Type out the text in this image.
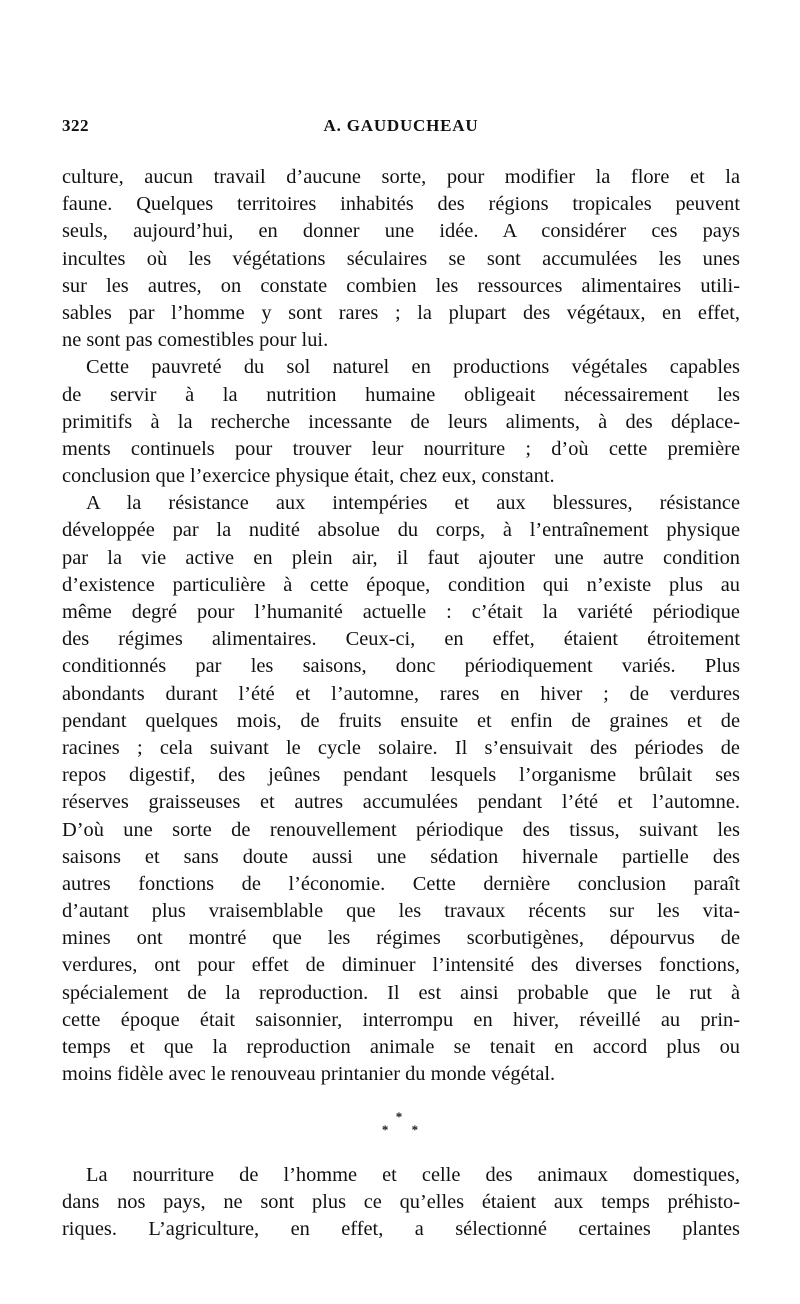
322	A. GAUDUCHEAU
culture, aucun travail d’aucune sorte, pour modifier la flore et la
faune. Quelques territoires inhabités des régions tropicales peuvent
seuls, aujourd’hui, en donner une idée. A considérer ces pays
incultes où les végétations séculaires se sont accumulées les unes
sur les autres, on constate combien les ressources alimentaires utili-
sables par l’homme y sont rares ; la plupart des végétaux, en effet,
ne sont pas comestibles pour lui.
Cette pauvreté du sol naturel en productions végétales capables
de servir à la nutrition humaine obligeait nécessairement les
primitifs à la recherche incessante de leurs aliments, à des déplace-
ments continuels pour trouver leur nourriture ; d’où cette première
conclusion que l’exercice physique était, chez eux, constant.
A la résistance aux intempéries et aux blessures, résistance
développée par la nudité absolue du corps, à l’entraînement physique
par la vie active en plein air, il faut ajouter une autre condition
d’existence particulière à cette époque, condition qui n’existe plus au
même degré pour l’humanité actuelle : c’était la variété périodique
des régimes alimentaires. Ceux-ci, en effet, étaient étroitement
conditionnés par les saisons, donc périodiquement variés. Plus
abondants durant l’été et l’automne, rares en hiver ; de verdures
pendant quelques mois, de fruits ensuite et enfin de graines et de
racines ; cela suivant le cycle solaire. Il s’ensuivait des périodes de
repos digestif, des jeûnes pendant lesquels l’organisme brûlait ses
réserves graisseuses et autres accumulées pendant l’été et l’automne.
D’où une sorte de renouvellement périodique des tissus, suivant les
saisons et sans doute aussi une sédation hivernale partielle des
autres fonctions de l’économie. Cette dernière conclusion paraît
d’autant plus vraisemblable que les travaux récents sur les vita-
mines ont montré que les régimes scorbutigènes, dépourvus de
verdures, ont pour effet de diminuer l’intensité des diverses fonctions,
spécialement de la reproduction. Il est ainsi probable que le rut à
cette époque était saisonnier, interrompu en hiver, réveillé au prin-
temps et que la reproduction animale se tenait en accord plus ou
moins fidèle avec le renouveau printanier du monde végétal.
*
* *
La nourriture de l’homme et celle des animaux domestiques,
dans nos pays, ne sont plus ce qu’elles étaient aux temps préhisto-
riques. L’agriculture, en effet, a sélectionné certaines plantes
